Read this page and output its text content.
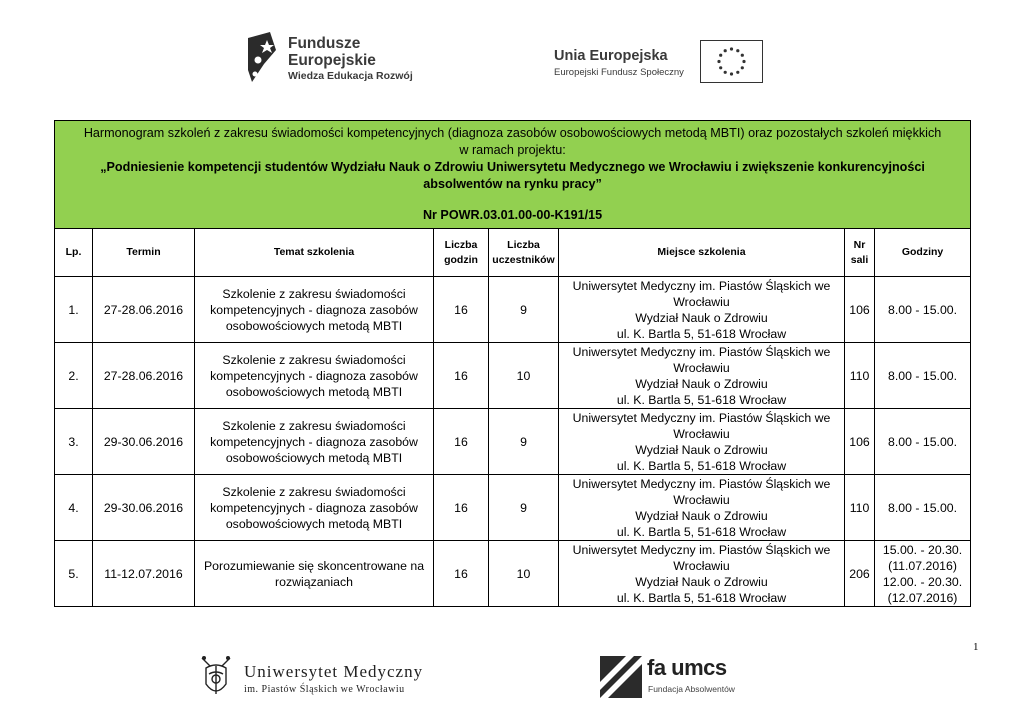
Fundusze
Europejskie
Wiedza Edukacja Rozwój
Unia Europejska
Europejski Fundusz Społeczny
Harmonogram szkoleń z zakresu świadomości kompetencyjnych (diagnoza zasobów osobowościowych metodą MBTI) oraz pozostałych szkoleń miękkich
w ramach projektu:
„Podniesienie kompetencji studentów Wydziału Nauk o Zdrowiu Uniwersytetu Medycznego we Wrocławiu i zwiększenie konkurencyjności
absolwentów na rynku pracy”
Nr POWR.03.01.00-00-K191/15							

Lp.	Termin	Temat szkolenia	Liczba
godzin	Liczba
uczestników	Miejsce szkolenia	Nr
sali	Godziny
1.	27-28.06.2016	Szkolenie z zakresu świadomości
kompetencyjnych - diagnoza zasobów
osobowościowych metodą MBTI	16	9	Uniwersytet Medyczny im. Piastów Śląskich we
Wrocławiu
Wydział Nauk o Zdrowiu
ul. K. Bartla 5, 51-618 Wrocław	106	8.00 - 15.00.
2.	27-28.06.2016	Szkolenie z zakresu świadomości
kompetencyjnych - diagnoza zasobów
osobowościowych metodą MBTI	16	10	Uniwersytet Medyczny im. Piastów Śląskich we
Wrocławiu
Wydział Nauk o Zdrowiu
ul. K. Bartla 5, 51-618 Wrocław	110	8.00 - 15.00.
3.	29-30.06.2016	Szkolenie z zakresu świadomości
kompetencyjnych - diagnoza zasobów
osobowościowych metodą MBTI	16	9	Uniwersytet Medyczny im. Piastów Śląskich we
Wrocławiu
Wydział Nauk o Zdrowiu
ul. K. Bartla 5, 51-618 Wrocław	106	8.00 - 15.00.
4.	29-30.06.2016	Szkolenie z zakresu świadomości
kompetencyjnych - diagnoza zasobów
osobowościowych metodą MBTI	16	9	Uniwersytet Medyczny im. Piastów Śląskich we
Wrocławiu
Wydział Nauk o Zdrowiu
ul. K. Bartla 5, 51-618 Wrocław	110	8.00 - 15.00.
5.	11-12.07.2016	Porozumiewanie się skoncentrowane na
rozwiązaniach	16	10	Uniwersytet Medyczny im. Piastów Śląskich we
Wrocławiu
Wydział Nauk o Zdrowiu
ul. K. Bartla 5, 51-618 Wrocław	206	15.00. - 20.30.
(11.07.2016)
12.00. - 20.30.
(12.07.2016)
1
Uniwersytet Medyczny
im. Piastów Śląskich we Wrocławiu
fa umcs
Fundacja Absolwentów
